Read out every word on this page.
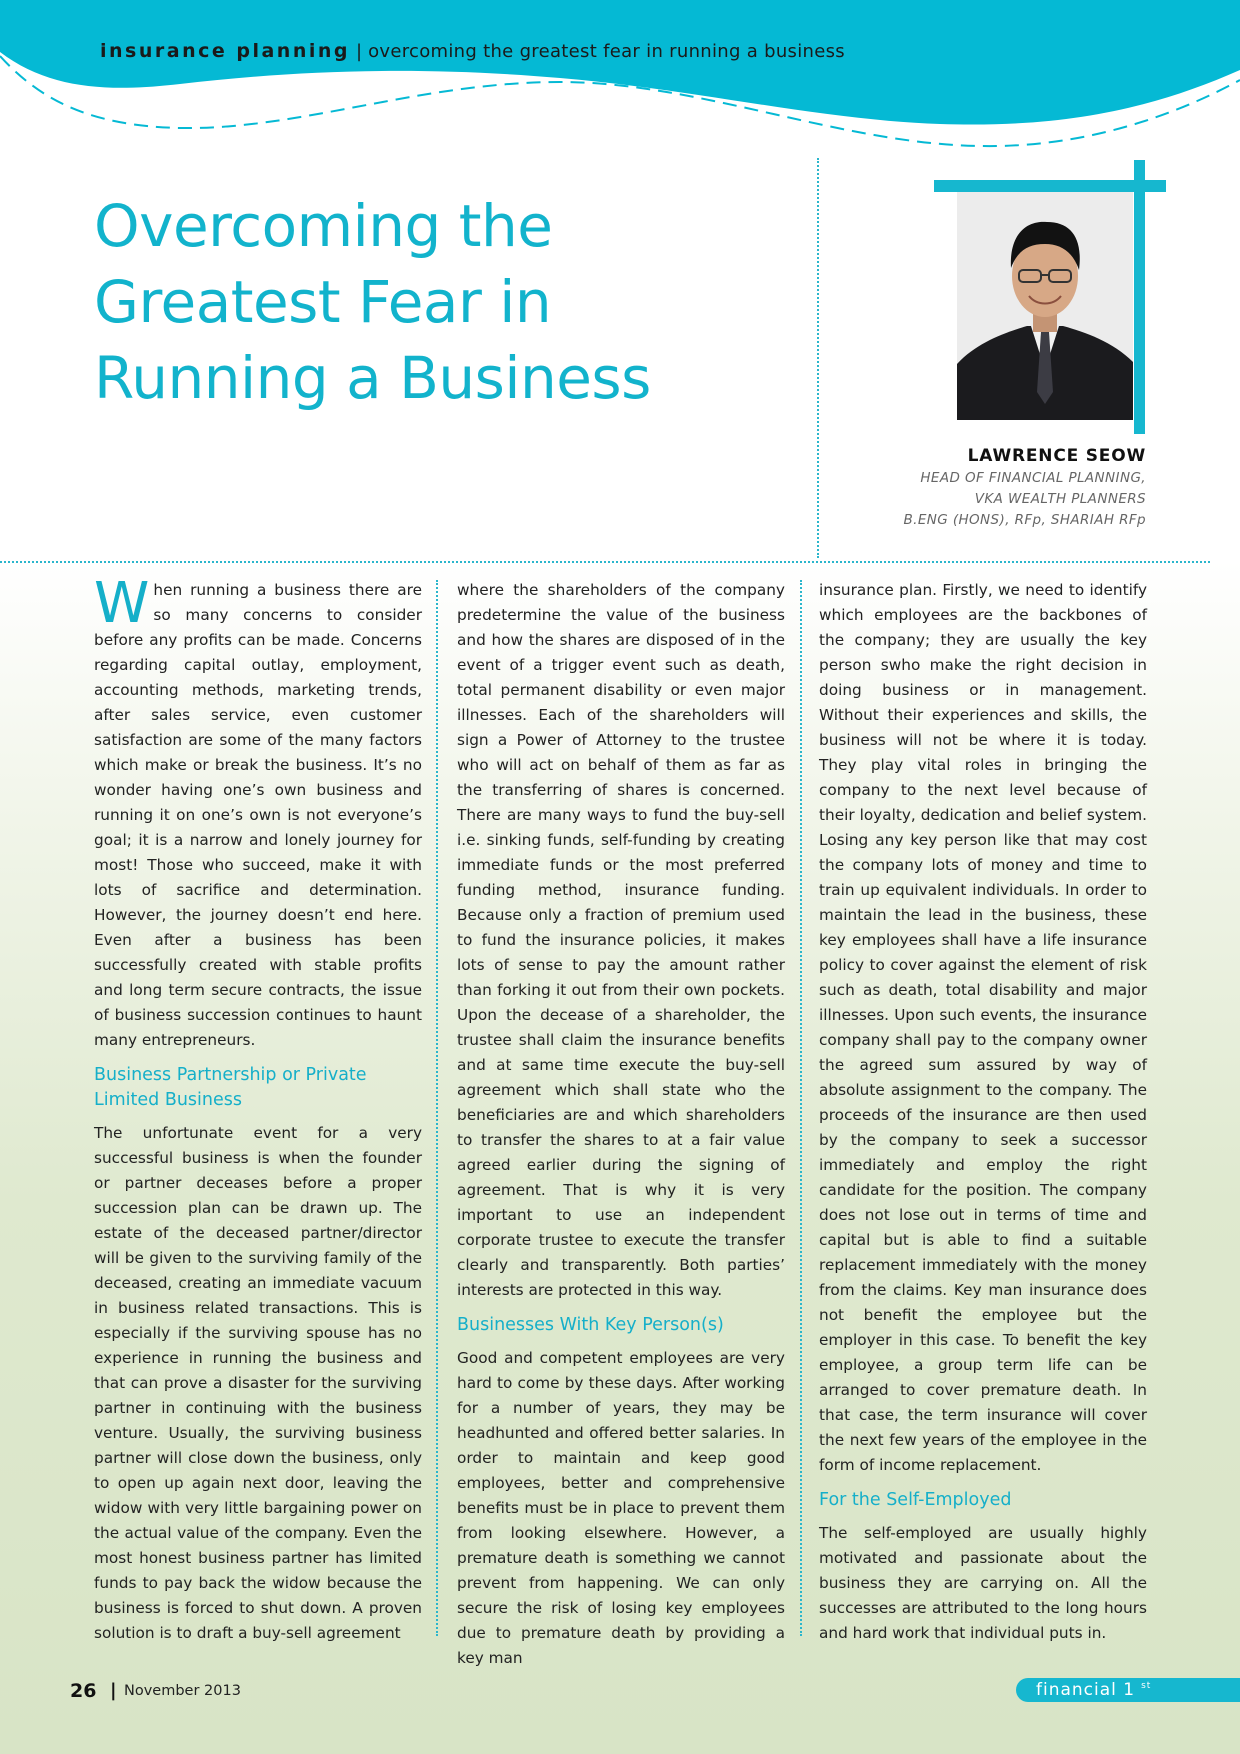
insurance planning | overcoming the greatest fear in running a business
Overcoming the Greatest Fear in Running a Business
LAWRENCE SEOW
HEAD OF FINANCIAL PLANNING,
VKA WEALTH PLANNERS
B.ENG (HONS), RFp, SHARIAH RFp

When running a business there are so many concerns to consider before any profits can be made. Concerns regarding capital outlay, employment, accounting methods, marketing trends, after sales service, even customer satisfaction are some of the many factors which make or break the business. It’s no wonder having one’s own business and running it on one’s own is not everyone’s goal; it is a narrow and lonely journey for most! Those who succeed, make it with lots of sacrifice and determination. However, the journey doesn’t end here. Even after a business has been successfully created with stable profits and long term secure contracts, the issue of business succession continues to haunt many entrepreneurs.

Business Partnership or Private Limited Business

The unfortunate event for a very successful business is when the founder or partner deceases before a proper succession plan can be drawn up. The estate of the deceased partner/director will be given to the surviving family of the deceased, creating an immediate vacuum in business related transactions. This is especially if the surviving spouse has no experience in running the business and that can prove a disaster for the surviving partner in continuing with the business venture. Usually, the surviving business partner will close down the business, only to open up again next door, leaving the widow with very little bargaining power on the actual value of the company. Even the most honest business partner has limited funds to pay back the widow because the business is forced to shut down. A proven solution is to draft a buy-sell agreement

where the shareholders of the company predetermine the value of the business and how the shares are disposed of in the event of a trigger event such as death, total permanent disability or even major illnesses. Each of the shareholders will sign a Power of Attorney to the trustee who will act on behalf of them as far as the transferring of shares is concerned. There are many ways to fund the buy-sell i.e. sinking funds, self-funding by creating immediate funds or the most preferred funding method, insurance funding. Because only a fraction of premium used to fund the insurance policies, it makes lots of sense to pay the amount rather than forking it out from their own pockets. Upon the decease of a shareholder, the trustee shall claim the insurance benefits and at same time execute the buy-sell agreement which shall state who the beneficiaries are and which shareholders to transfer the shares to at a fair value agreed earlier during the signing of agreement. That is why it is very important to use an independent corporate trustee to execute the transfer clearly and transparently. Both parties’ interests are protected in this way.

Businesses With Key Person(s)

Good and competent employees are very hard to come by these days. After working for a number of years, they may be headhunted and offered better salaries. In order to maintain and keep good employees, better and comprehensive benefits must be in place to prevent them from looking elsewhere. However, a premature death is something we cannot prevent from happening. We can only secure the risk of losing key employees due to premature death by providing a key man

insurance plan. Firstly, we need to identify which employees are the backbones of the company; they are usually the key person swho make the right decision in doing business or in management. Without their experiences and skills, the business will not be where it is today. They play vital roles in bringing the company to the next level because of their loyalty, dedication and belief system. Losing any key person like that may cost the company lots of money and time to train up equivalent individuals. In order to maintain the lead in the business, these key employees shall have a life insurance policy to cover against the element of risk such as death, total disability and major illnesses. Upon such events, the insurance company shall pay to the company owner the agreed sum assured by way of absolute assignment to the company. The proceeds of the insurance are then used by the company to seek a successor immediately and employ the right candidate for the position. The company does not lose out in terms of time and capital but is able to find a suitable replacement immediately with the money from the claims. Key man insurance does not benefit the employee but the employer in this case. To benefit the key employee, a group term life can be arranged to cover premature death. In that case, the term insurance will cover the next few years of the employee in the form of income replacement.

For the Self-Employed

The self-employed are usually highly motivated and passionate about the business they are carrying on. All the successes are attributed to the long hours and hard work that individual puts in.

26 | November 2013	financial 1 $^{st}$
